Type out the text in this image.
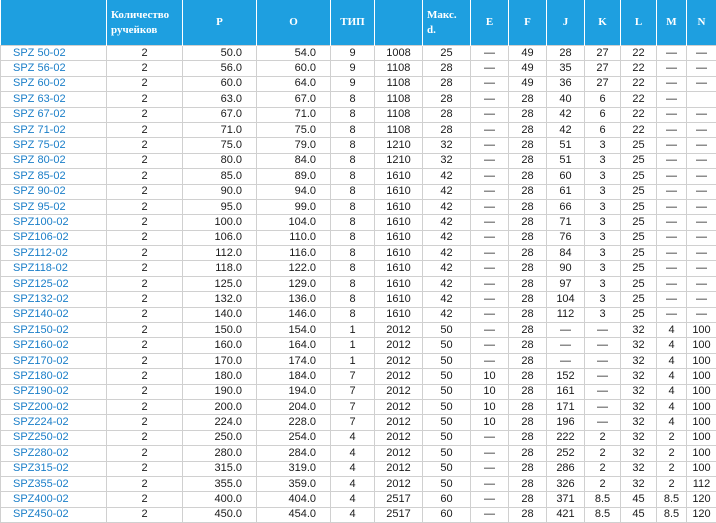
	Количество ручейков	P	O	ТИП		Макс. d.	E	F	J	K	L	M	N
SPZ 50-02	2	50.0	54.0	9	1008	25	—	49	28	27	22	—	—
SPZ 56-02	2	56.0	60.0	9	1108	28	—	49	35	27	22	—	—
SPZ 60-02	2	60.0	64.0	9	1108	28	—	49	36	27	22	—	—
SPZ 63-02	2	63.0	67.0	8	1108	28	—	28	40	6	22	—	
SPZ 67-02	2	67.0	71.0	8	1108	28	—	28	42	6	22	—	—
SPZ 71-02	2	71.0	75.0	8	1108	28	—	28	42	6	22	—	—
SPZ 75-02	2	75.0	79.0	8	1210	32	—	28	51	3	25	—	—
SPZ 80-02	2	80.0	84.0	8	1210	32	—	28	51	3	25	—	—
SPZ 85-02	2	85.0	89.0	8	1610	42	—	28	60	3	25	—	—
SPZ 90-02	2	90.0	94.0	8	1610	42	—	28	61	3	25	—	—
SPZ 95-02	2	95.0	99.0	8	1610	42	—	28	66	3	25	—	—
SPZ100-02	2	100.0	104.0	8	1610	42	—	28	71	3	25	—	—
SPZ106-02	2	106.0	110.0	8	1610	42	—	28	76	3	25	—	—
SPZ112-02	2	112.0	116.0	8	1610	42	—	28	84	3	25	—	—
SPZ118-02	2	118.0	122.0	8	1610	42	—	28	90	3	25	—	—
SPZ125-02	2	125.0	129.0	8	1610	42	—	28	97	3	25	—	—
SPZ132-02	2	132.0	136.0	8	1610	42	—	28	104	3	25	—	—
SPZ140-02	2	140.0	146.0	8	1610	42	—	28	112	3	25	—	—
SPZ150-02	2	150.0	154.0	1	2012	50	—	28	—	—	32	4	100
SPZ160-02	2	160.0	164.0	1	2012	50	—	28	—	—	32	4	100
SPZ170-02	2	170.0	174.0	1	2012	50	—	28	—	—	32	4	100
SPZ180-02	2	180.0	184.0	7	2012	50	10	28	152	—	32	4	100
SPZ190-02	2	190.0	194.0	7	2012	50	10	28	161	—	32	4	100
SPZ200-02	2	200.0	204.0	7	2012	50	10	28	171	—	32	4	100
SPZ224-02	2	224.0	228.0	7	2012	50	10	28	196	—	32	4	100
SPZ250-02	2	250.0	254.0	4	2012	50	—	28	222	2	32	2	100
SPZ280-02	2	280.0	284.0	4	2012	50	—	28	252	2	32	2	100
SPZ315-02	2	315.0	319.0	4	2012	50	—	28	286	2	32	2	100
SPZ355-02	2	355.0	359.0	4	2012	50	—	28	326	2	32	2	112
SPZ400-02	2	400.0	404.0	4	2517	60	—	28	371	8.5	45	8.5	120
SPZ450-02	2	450.0	454.0	4	2517	60	—	28	421	8.5	45	8.5	120
